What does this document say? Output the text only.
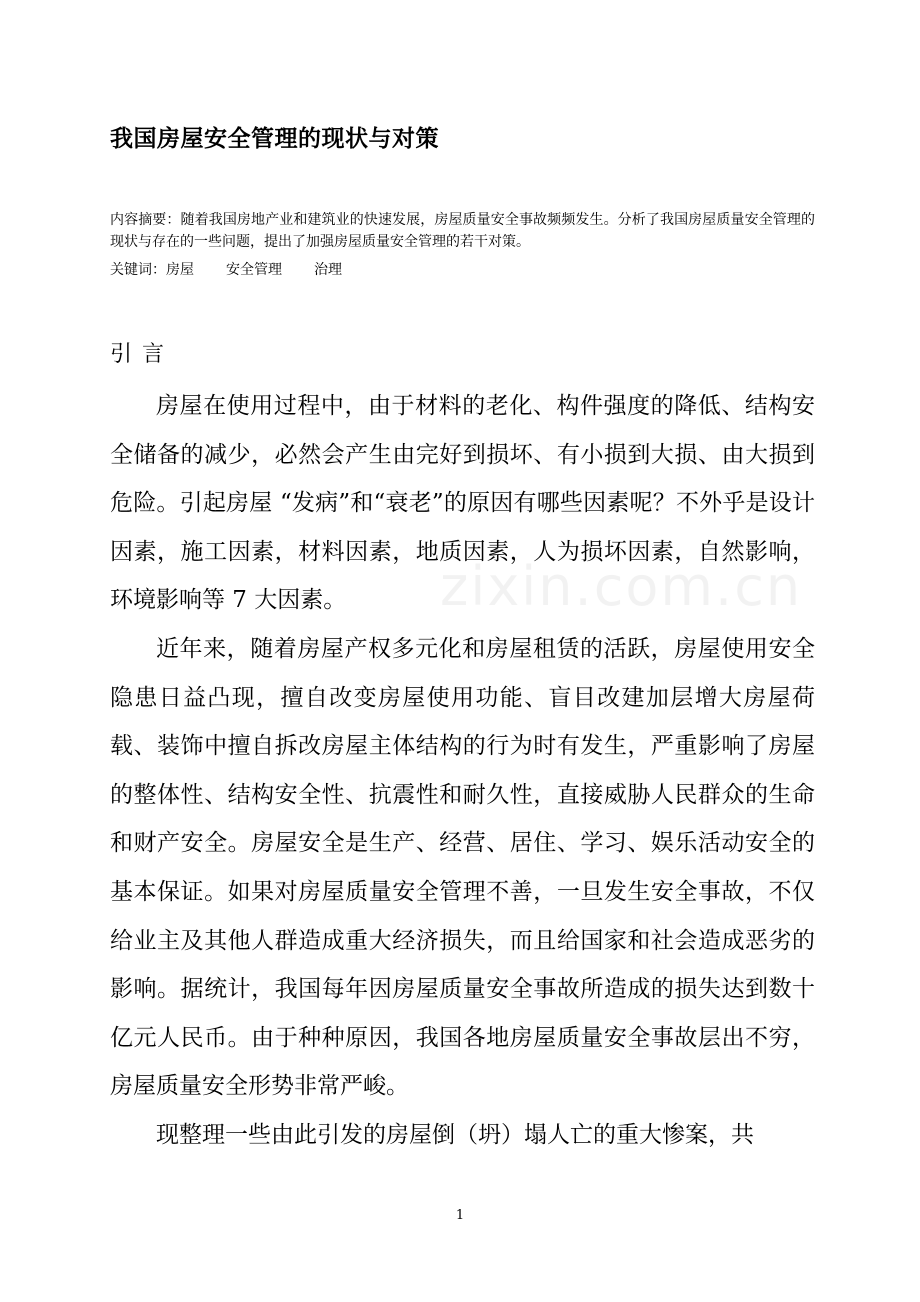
zixin.com.cn
我国房屋安全管理的现状与对策

内容摘要：随着我国房地产业和建筑业的快速发展，房屋质量安全事故频频发生。分析了我国房屋质量安全管理的现状与存在的一些问题，提出了加强房屋质量安全管理的若干对策。

关键词：房屋 安全管理 治理
引言

房屋在使用过程中，由于材料的老化、构件强度的降低、结构安全储备的减少，必然会产生由完好到损坏、有小损到大损、由大损到危险。引起房屋 “发病”和“衰老”的原因有哪些因素呢？不外乎是设计因素，施工因素，材料因素，地质因素，人为损坏因素，自然影响，环境影响等 7 大因素。

近年来，随着房屋产权多元化和房屋租赁的活跃，房屋使用安全隐患日益凸现，擅自改变房屋使用功能、盲目改建加层增大房屋荷载、装饰中擅自拆改房屋主体结构的行为时有发生，严重影响了房屋的整体性、结构安全性、抗震性和耐久性，直接威胁人民群众的生命和财产安全。房屋安全是生产、经营、居住、学习、娱乐活动安全的基本保证。如果对房屋质量安全管理不善，一旦发生安全事故，不仅给业主及其他人群造成重大经济损失，而且给国家和社会造成恶劣的影响。据统计，我国每年因房屋质量安全事故所造成的损失达到数十亿元人民币。由于种种原因，我国各地房屋质量安全事故层出不穷，房屋质量安全形势非常严峻。

现整理一些由此引发的房屋倒（坍）塌人亡的重大惨案，共

1
